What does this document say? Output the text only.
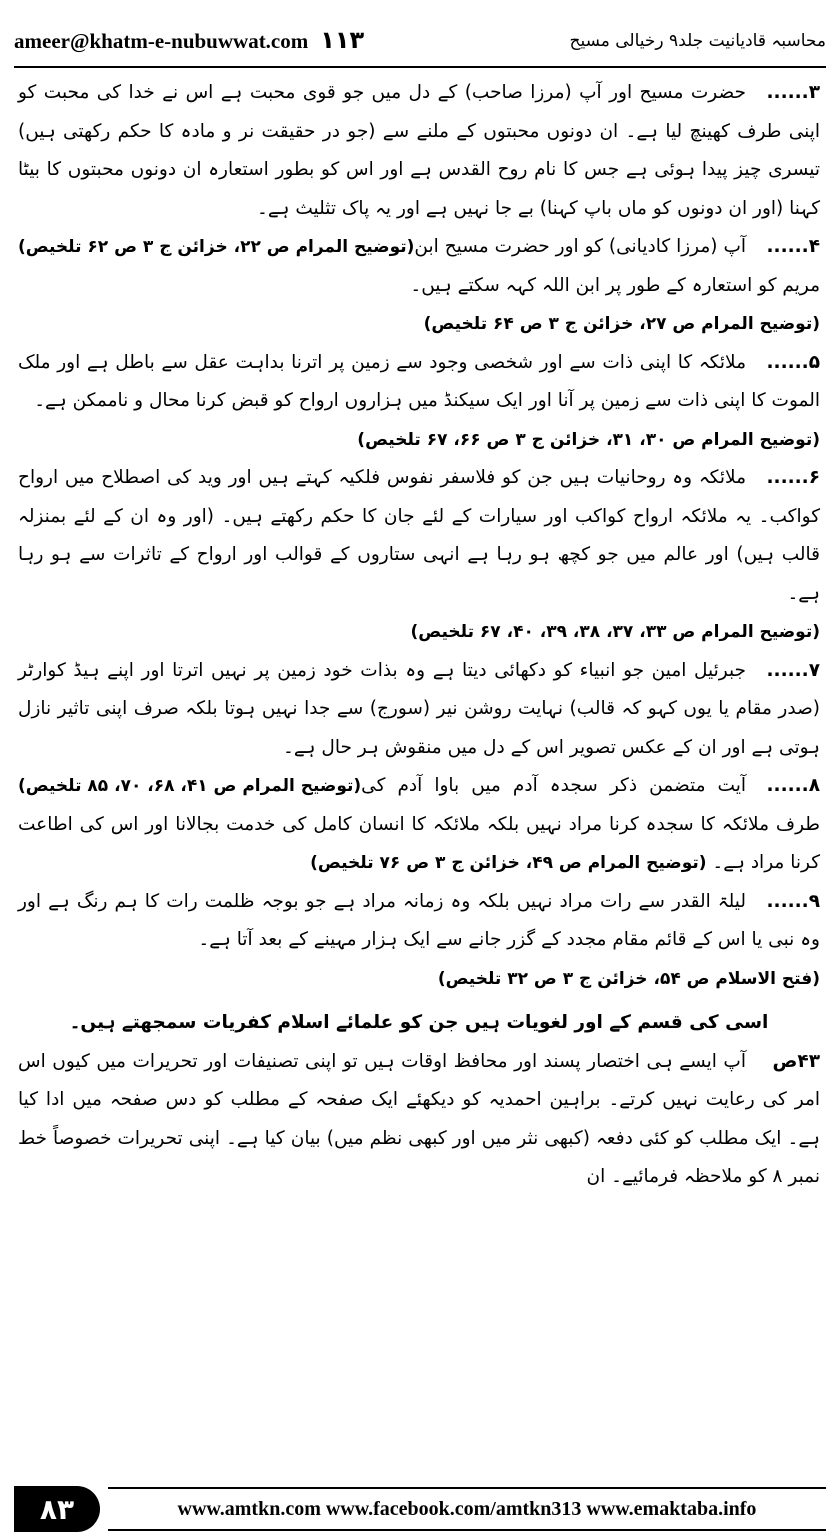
ameer@khatm-e-nubuwwat.com ۱۱۳	محاسبہ قادیانیت جلد۹ رخیالی مسیح

۳......حضرت مسیح اور آپ (مرزا صاحب) کے دل میں جو قوی محبت ہے اس نے خدا کی محبت کو اپنی طرف کھینچ لیا ہے۔ ان دونوں محبتوں کے ملنے سے (جو در حقیقت نر و مادہ کا حکم رکھتی ہیں) تیسری چیز پیدا ہوئی ہے جس کا نام روح القدس ہے اور اس کو بطور استعارہ ان دونوں محبتوں کا بیٹا کہنا (اور ان دونوں کو ماں باپ کہنا) بے جا نہیں ہے اور یہ پاک تثلیث ہے۔
(توضیح المرام ص ۲۲، خزائن ج ۳ ص ۶۲ تلخیص)	۴......آپ (مرزا کادیانی) کو اور حضرت مسیح ابن مریم کو استعارہ کے طور پر ابن اللہ کہہ سکتے ہیں۔

(توضیح المرام ص ۲۷، خزائن ج ۳ ص ۶۴ تلخیص)

۵......ملائکہ کا اپنی ذات سے اور شخصی وجود سے زمین پر اترنا بداہت عقل سے باطل ہے اور ملک الموت کا اپنی ذات سے زمین پر آنا اور ایک سیکنڈ میں ہزاروں ارواح کو قبض کرنا محال و ناممکن ہے۔

(توضیح المرام ص ۳۰، ۳۱، خزائن ج ۳ ص ۶۶، ۶۷ تلخیص)

۶......ملائکہ وہ روحانیات ہیں جن کو فلاسفر نفوس فلکیہ کہتے ہیں اور وید کی اصطلاح میں ارواح کواکب۔ یہ ملائکہ ارواح کواکب اور سیارات کے لئے جان کا حکم رکھتے ہیں۔ (اور وہ ان کے لئے بمنزلہ قالب ہیں) اور عالم میں جو کچھ ہو رہا ہے انہی ستاروں کے قوالب اور ارواح کے تاثرات سے ہو رہا ہے۔

(توضیح المرام ص ۳۳، ۳۷، ۳۸، ۳۹، ۴۰، ۶۷ تلخیص)

۷......جبرئیل امین جو انبیاء کو دکھائی دیتا ہے وہ بذات خود زمین پر نہیں اترتا اور اپنے ہیڈ کوارٹر (صدر مقام یا یوں کہو کہ قالب) نہایت روشن نیر (سورج) سے جدا نہیں ہوتا بلکہ صرف اپنی تاثیر نازل ہوتی ہے اور ان کے عکس تصویر اس کے دل میں منقوش ہر حال ہے۔
(توضیح المرام ص ۴۱، ۶۸، ۷۰، ۸۵ تلخیص)	۸......آیت متضمن ذکر سجدہ آدم میں باوا آدم کی طرف ملائکہ کا سجدہ کرنا مراد نہیں بلکہ ملائکہ کا انسان کامل کی خدمت بجالانا اور اس کی اطاعت کرنا مراد ہے۔ (توضیح المرام ص ۴۹، خزائن ج ۳ ص ۷۶ تلخیص)

۹......لیلۃ القدر سے رات مراد نہیں بلکہ وہ زمانہ مراد ہے جو بوجہ ظلمت رات کا ہم رنگ ہے اور وہ نبی یا اس کے قائم مقام مجدد کے گزر جانے سے ایک ہزار مہینے کے بعد آتا ہے۔

(فتح الاسلام ص ۵۴، خزائن ج ۳ ص ۳۲ تلخیص)
اسی کی قسم کے اور لغویات ہیں جن کو علمائے اسلام کفریات سمجھتے ہیں۔

۴۳صآپ ایسے ہی اختصار پسند اور محافظ اوقات ہیں تو اپنی تصنیفات اور تحریرات میں کیوں اس امر کی رعایت نہیں کرتے۔ براہین احمدیہ کو دیکھئے ایک صفحہ کے مطلب کو دس صفحہ میں ادا کیا ہے۔ ایک مطلب کو کئی دفعہ (کبھی نثر میں اور کبھی نظم میں) بیان کیا ہے۔ اپنی تحریرات خصوصاً خط نمبر ۸ کو ملاحظہ فرمائیے۔ ان

۸۳	www.amtkn.com www.facebook.com/amtkn313 www.emaktaba.info
